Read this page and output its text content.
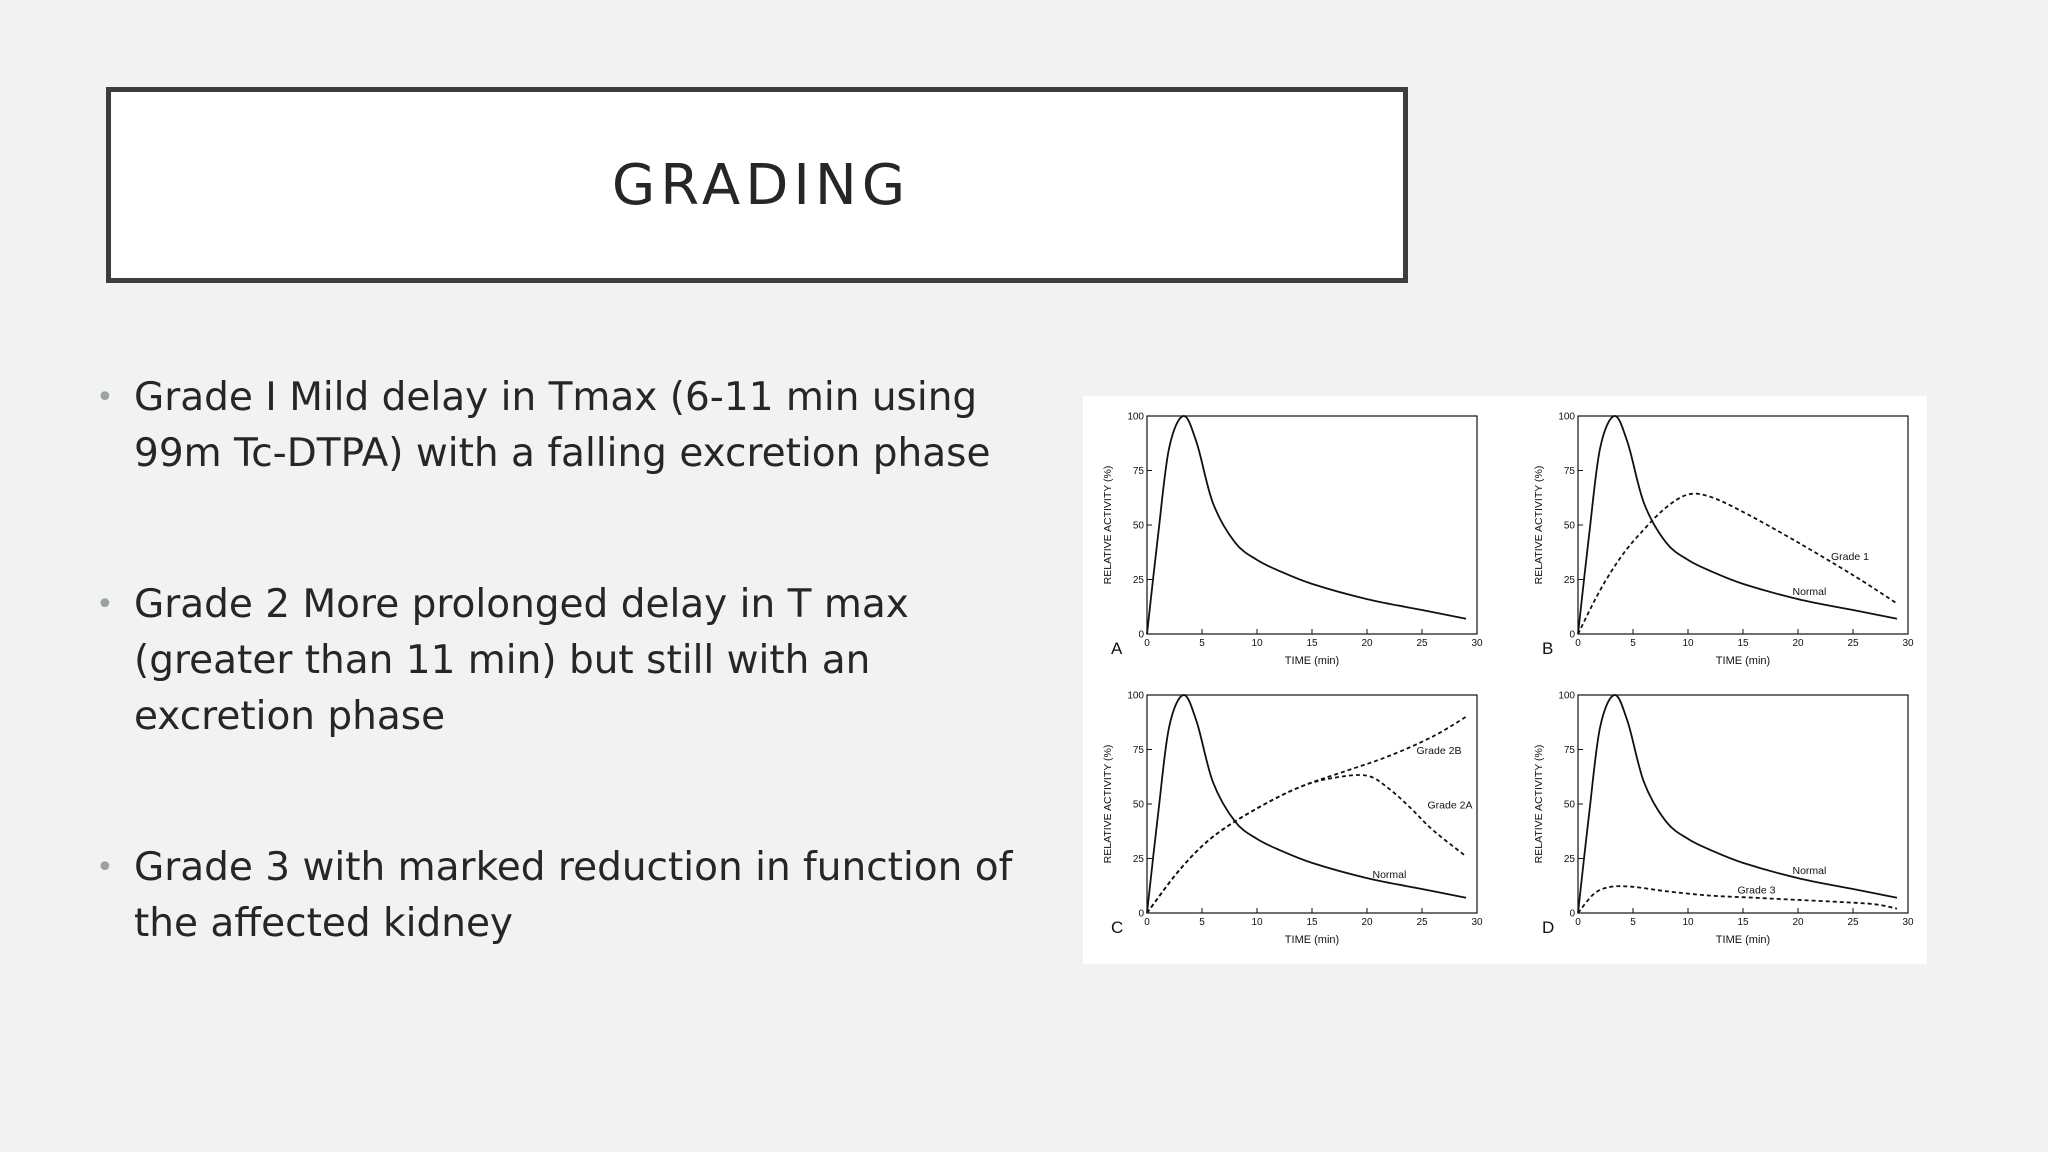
GRADING
• Grade I Mild delay in Tmax (6-11 min using 99m Tc-DTPA) with a falling excretion phase
• Grade 2 More prolonged delay in T max (greater than 11 min) but still with an excretion phase
• Grade 3 with marked reduction in function of the affected kidney
0	5	10	15	20	25	30
0
25
50
75
100
TIME (min)
RELATIVE ACTIVITY (%)
A	0	5	10	15	20	25	30
0
25
50
75
100
TIME (min)
RELATIVE ACTIVITY (%)
B
Normal
Grade 1
0	5	10	15	20	25	30
0
25
50
75
100
TIME (min)
RELATIVE ACTIVITY (%)
C
Normal
Grade 2B
Grade 2A
0	5	10	15	20	25	30
0
25
50
75
100
TIME (min)
RELATIVE ACTIVITY (%)
D
Normal
Grade 3
